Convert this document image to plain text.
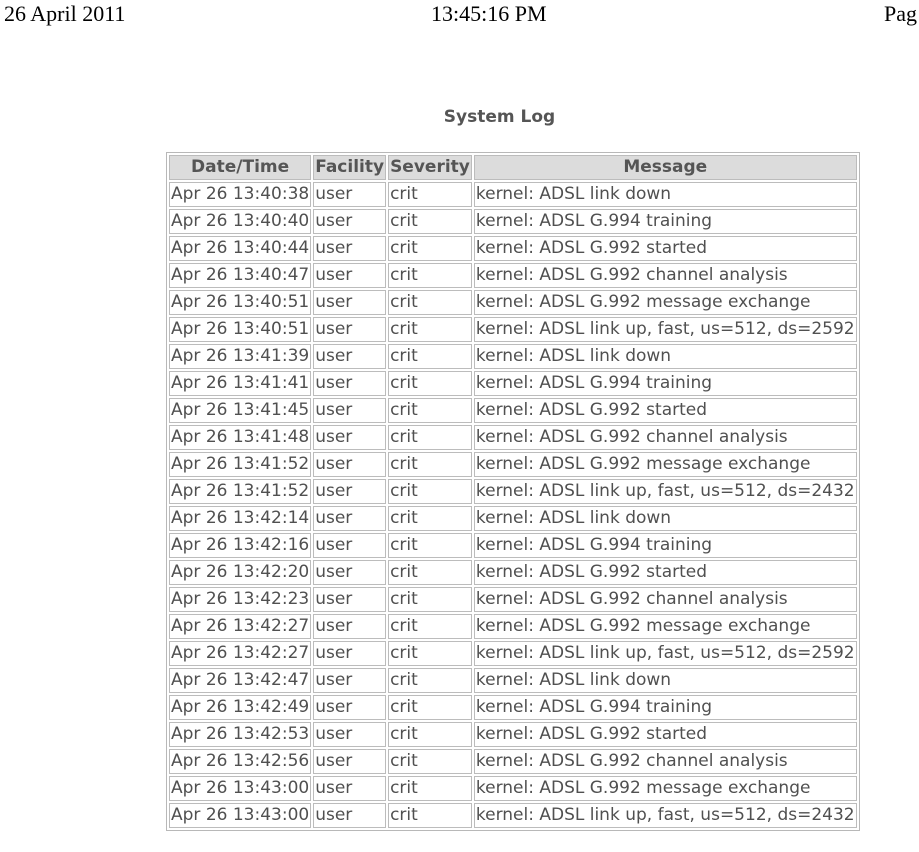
26 April 2011	13:45:16 PM	Pag
System Log
Date/Time	Facility	Severity	Message
Apr 26 13:40:38	user	crit	kernel: ADSL link down
Apr 26 13:40:40	user	crit	kernel: ADSL G.994 training
Apr 26 13:40:44	user	crit	kernel: ADSL G.992 started
Apr 26 13:40:47	user	crit	kernel: ADSL G.992 channel analysis
Apr 26 13:40:51	user	crit	kernel: ADSL G.992 message exchange
Apr 26 13:40:51	user	crit	kernel: ADSL link up, fast, us=512, ds=2592
Apr 26 13:41:39	user	crit	kernel: ADSL link down
Apr 26 13:41:41	user	crit	kernel: ADSL G.994 training
Apr 26 13:41:45	user	crit	kernel: ADSL G.992 started
Apr 26 13:41:48	user	crit	kernel: ADSL G.992 channel analysis
Apr 26 13:41:52	user	crit	kernel: ADSL G.992 message exchange
Apr 26 13:41:52	user	crit	kernel: ADSL link up, fast, us=512, ds=2432
Apr 26 13:42:14	user	crit	kernel: ADSL link down
Apr 26 13:42:16	user	crit	kernel: ADSL G.994 training
Apr 26 13:42:20	user	crit	kernel: ADSL G.992 started
Apr 26 13:42:23	user	crit	kernel: ADSL G.992 channel analysis
Apr 26 13:42:27	user	crit	kernel: ADSL G.992 message exchange
Apr 26 13:42:27	user	crit	kernel: ADSL link up, fast, us=512, ds=2592
Apr 26 13:42:47	user	crit	kernel: ADSL link down
Apr 26 13:42:49	user	crit	kernel: ADSL G.994 training
Apr 26 13:42:53	user	crit	kernel: ADSL G.992 started
Apr 26 13:42:56	user	crit	kernel: ADSL G.992 channel analysis
Apr 26 13:43:00	user	crit	kernel: ADSL G.992 message exchange
Apr 26 13:43:00	user	crit	kernel: ADSL link up, fast, us=512, ds=2432
